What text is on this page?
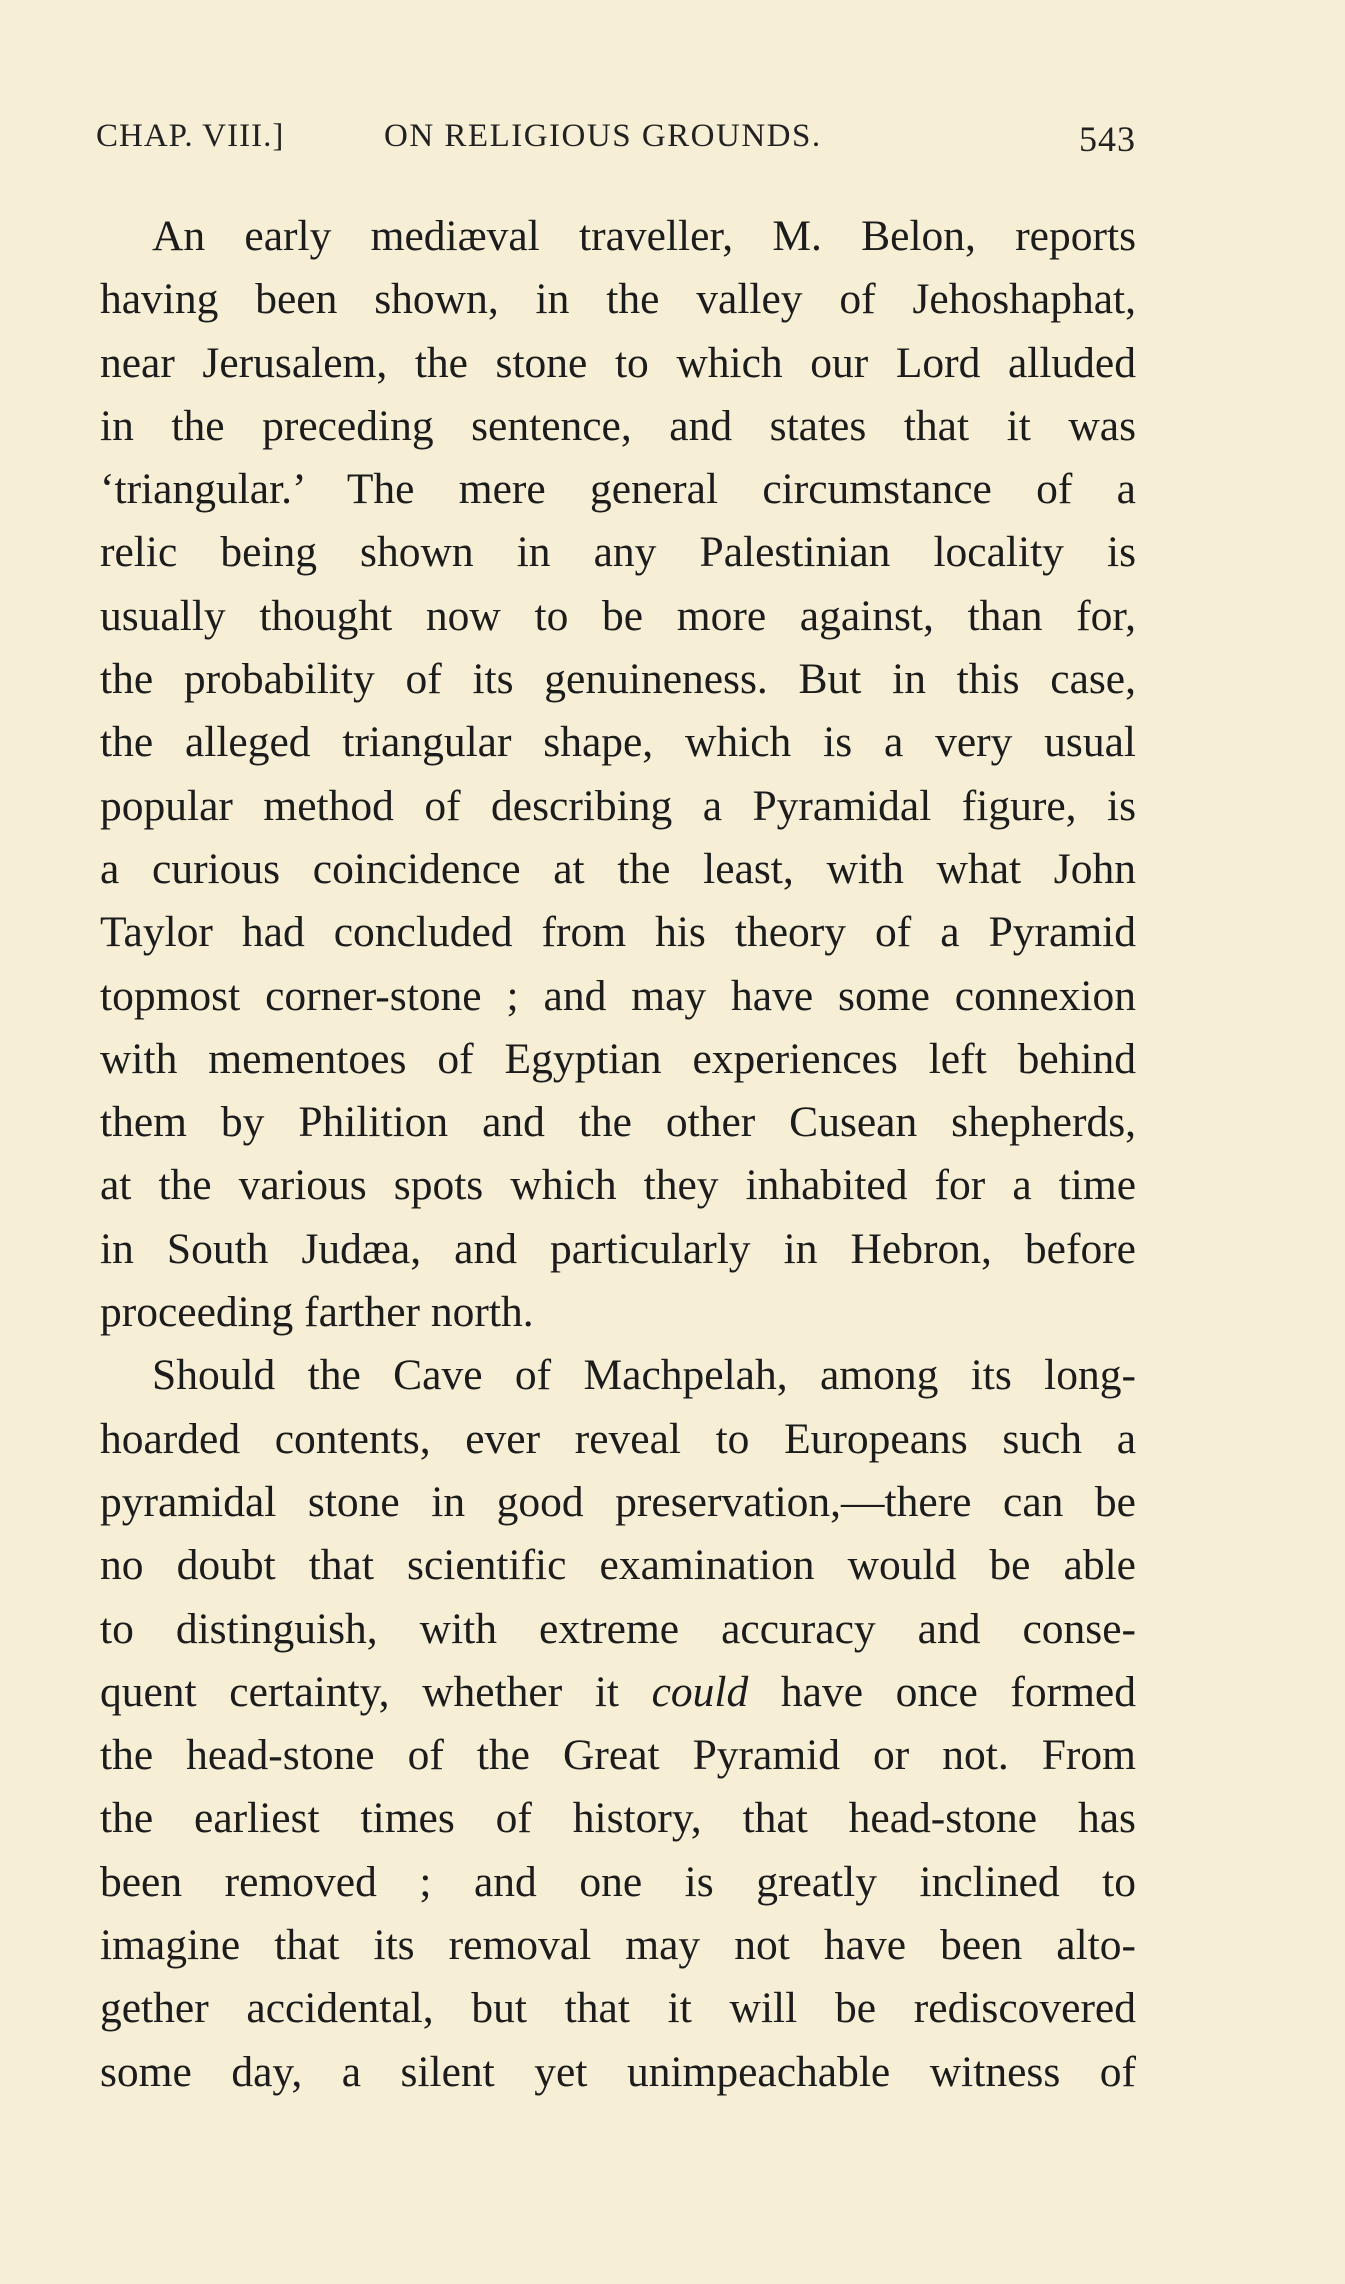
CHAP. VIII.]	ON RELIGIOUS GROUNDS.	543
An early mediæval traveller, M. Belon, reports
having been shown, in the valley of Jehoshaphat,
near Jerusalem, the stone to which our Lord alluded
in the preceding sentence, and states that it was
‘triangular.’ The mere general circumstance of a
relic being shown in any Palestinian locality is
usually thought now to be more against, than for,
the probability of its genuineness. But in this case,
the alleged triangular shape, which is a very usual
popular method of describing a Pyramidal figure, is
a curious coincidence at the least, with what John
Taylor had concluded from his theory of a Pyramid
topmost corner-stone ; and may have some connexion
with mementoes of Egyptian experiences left behind
them by Philition and the other Cusean shepherds,
at the various spots which they inhabited for a time
in South Judæa, and particularly in Hebron, before
proceeding farther north.
Should the Cave of Machpelah, among its long-
hoarded contents, ever reveal to Europeans such a
pyramidal stone in good preservation,—there can be
no doubt that scientific examination would be able
to distinguish, with extreme accuracy and conse-
quent certainty, whether it could have once formed
the head-stone of the Great Pyramid or not. From
the earliest times of history, that head-stone has
been removed ; and one is greatly inclined to
imagine that its removal may not have been alto-
gether accidental, but that it will be rediscovered
some day, a silent yet unimpeachable witness of
